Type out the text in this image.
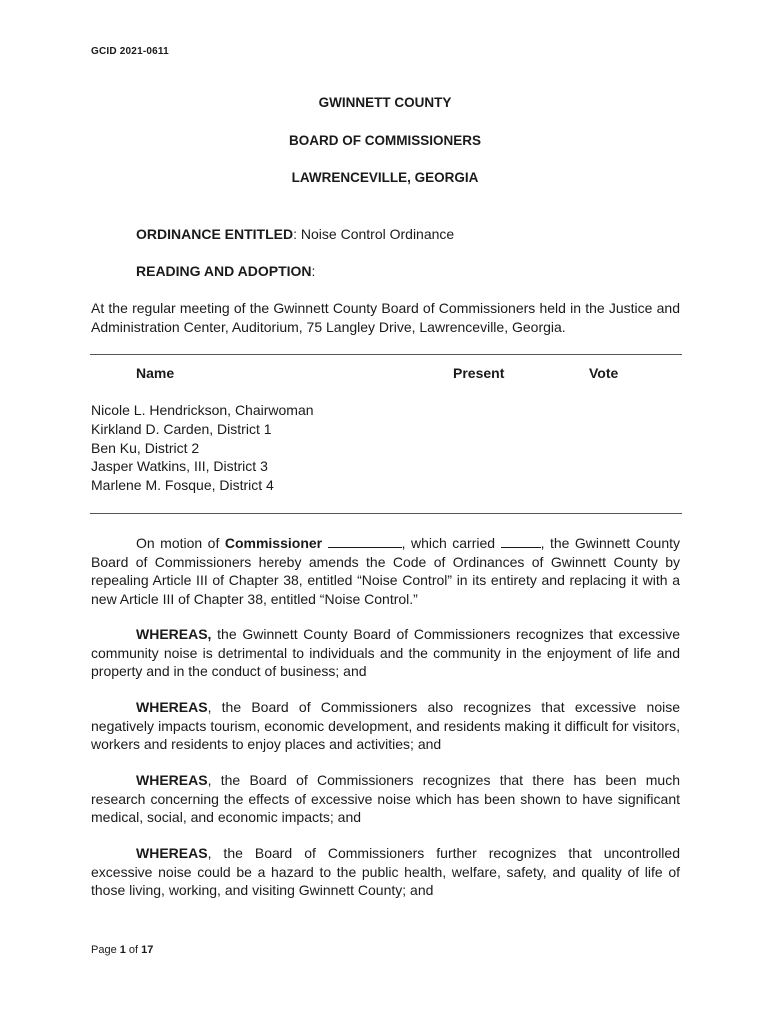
GCID 2021-0611
GWINNETT COUNTY
BOARD OF COMMISSIONERS
LAWRENCEVILLE, GEORGIA
ORDINANCE ENTITLED: Noise Control Ordinance
READING AND ADOPTION:
At the regular meeting of the Gwinnett County Board of Commissioners held in the Justice and Administration Center, Auditorium, 75 Langley Drive, Lawrenceville, Georgia.
Name	Present	Vote
Nicole L. Hendrickson, Chairwoman
Kirkland D. Carden, District 1
Ben Ku, District 2
Jasper Watkins, III, District 3
Marlene M. Fosque, District 4
On motion of Commissioner	, which carried	, the Gwinnett County Board of Commissioners hereby amends the Code of Ordinances of Gwinnett County by repealing Article III of Chapter 38, entitled “Noise Control” in its entirety and replacing it with a new Article III of Chapter 38, entitled “Noise Control.”
WHEREAS, the Gwinnett County Board of Commissioners recognizes that excessive community noise is detrimental to individuals and the community in the enjoyment of life and property and in the conduct of business; and
WHEREAS, the Board of Commissioners also recognizes that excessive noise negatively impacts tourism, economic development, and residents making it difficult for visitors, workers and residents to enjoy places and activities; and
WHEREAS, the Board of Commissioners recognizes that there has been much research concerning the effects of excessive noise which has been shown to have significant medical, social, and economic impacts; and
WHEREAS, the Board of Commissioners further recognizes that uncontrolled excessive noise could be a hazard to the public health, welfare, safety, and quality of life of those living, working, and visiting Gwinnett County; and
Page 1 of 17
